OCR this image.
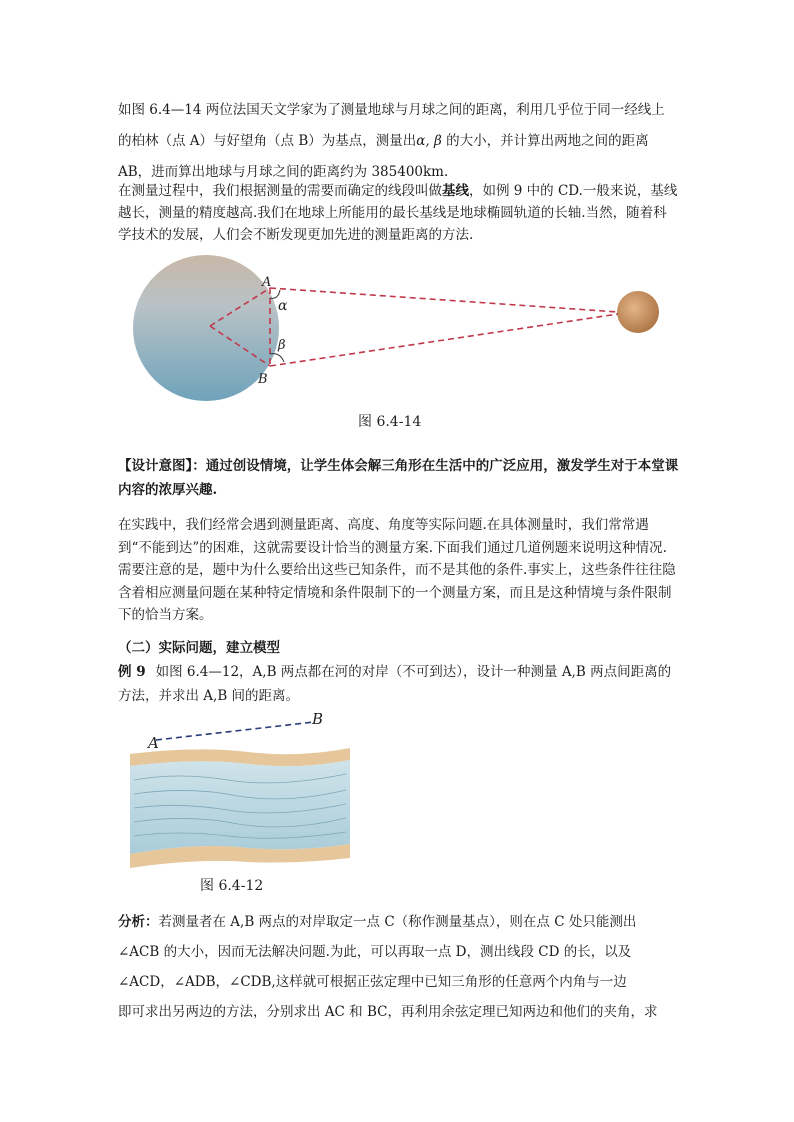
如图 6.4—14 两位法国天文学家为了测量地球与月球之间的距离，利用几乎位于同一经线上

的柏林（点 A）与好望角（点 B）为基点，测量出α, β 的大小，并计算出两地之间的距离

AB，进而算出地球与月球之间的距离约为 385400km.

在测量过程中，我们根据测量的需要而确定的线段叫做基线，如例 9 中的 CD.一般来说，基线越长，测量的精度越高.我们在地球上所能用的最长基线是地球椭圆轨道的长轴.当然，随着科学技术的发展，人们会不断发现更加先进的测量距离的方法.

A
B
α
β
图 6.4-14

【设计意图】：通过创设情境，让学生体会解三角形在生活中的广泛应用，激发学生对于本堂课内容的浓厚兴趣.

在实践中，我们经常会遇到测量距离、高度、角度等实际问题.在具体测量时，我们常常遇到“不能到达”的困难，这就需要设计恰当的测量方案.下面我们通过几道例题来说明这种情况.需要注意的是，题中为什么要给出这些已知条件，而不是其他的条件.事实上，这些条件往往隐含着相应测量问题在某种特定情境和条件限制下的一个测量方案，而且是这种情境与条件限制下的恰当方案。

（二）实际问题，建立模型

例 9 如图 6.4—12，A,B 两点都在河的对岸（不可到达），设计一种测量 A,B 两点间距离的

方法，并求出 A,B 间的距离。

A
B
图 6.4-12

分析：若测量者在 A,B 两点的对岸取定一点 C（称作测量基点），则在点 C 处只能测出

∠ACB 的大小，因而无法解决问题.为此，可以再取一点 D，测出线段 CD 的长，以及

∠ACD，∠ADB，∠CDB,这样就可根据正弦定理中已知三角形的任意两个内角与一边

即可求出另两边的方法，分别求出 AC 和 BC，再利用余弦定理已知两边和他们的夹角，求
